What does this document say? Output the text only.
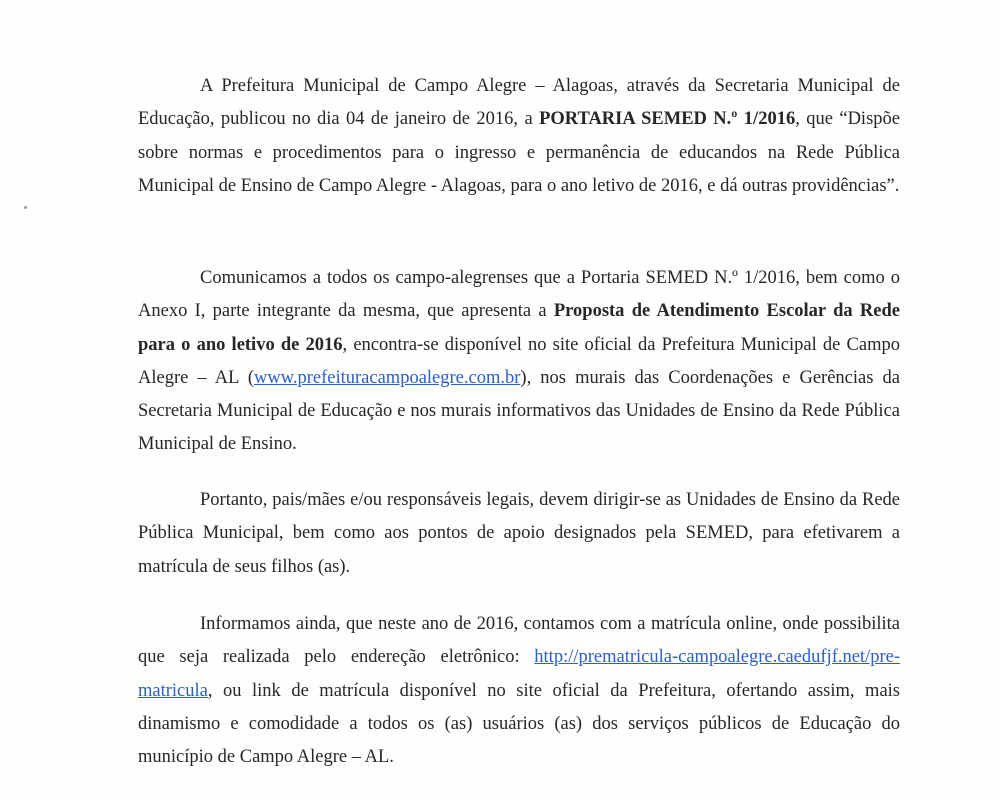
A Prefeitura Municipal de Campo Alegre – Alagoas, através da Secretaria Municipal de Educação, publicou no dia 04 de janeiro de 2016, a PORTARIA SEMED N.º 1/2016, que “Dispõe sobre normas e procedimentos para o ingresso e permanência de educandos na Rede Pública Municipal de Ensino de Campo Alegre - Alagoas, para o ano letivo de 2016, e dá outras providências”.

Comunicamos a todos os campo-alegrenses que a Portaria SEMED N.º 1/2016, bem como o Anexo I, parte integrante da mesma, que apresenta a Proposta de Atendimento Escolar da Rede para o ano letivo de 2016, encontra-se disponível no site oficial da Prefeitura Municipal de Campo Alegre – AL (www.prefeituracampoalegre.com.br), nos murais das Coordenações e Gerências da Secretaria Municipal de Educação e nos murais informativos das Unidades de Ensino da Rede Pública Municipal de Ensino.

Portanto, pais/mães e/ou responsáveis legais, devem dirigir-se as Unidades de Ensino da Rede Pública Municipal, bem como aos pontos de apoio designados pela SEMED, para efetivarem a matrícula de seus filhos (as).

Informamos ainda, que neste ano de 2016, contamos com a matrícula online, onde possibilita que seja realizada pelo endereção eletrônico: http://prematricula-campoalegre.caedufjf.net/pre-matricula, ou link de matrícula disponível no site oficial da Prefeitura, ofertando assim, mais dinamismo e comodidade a todos os (as) usuários (as) dos serviços públicos de Educação do município de Campo Alegre – AL.
